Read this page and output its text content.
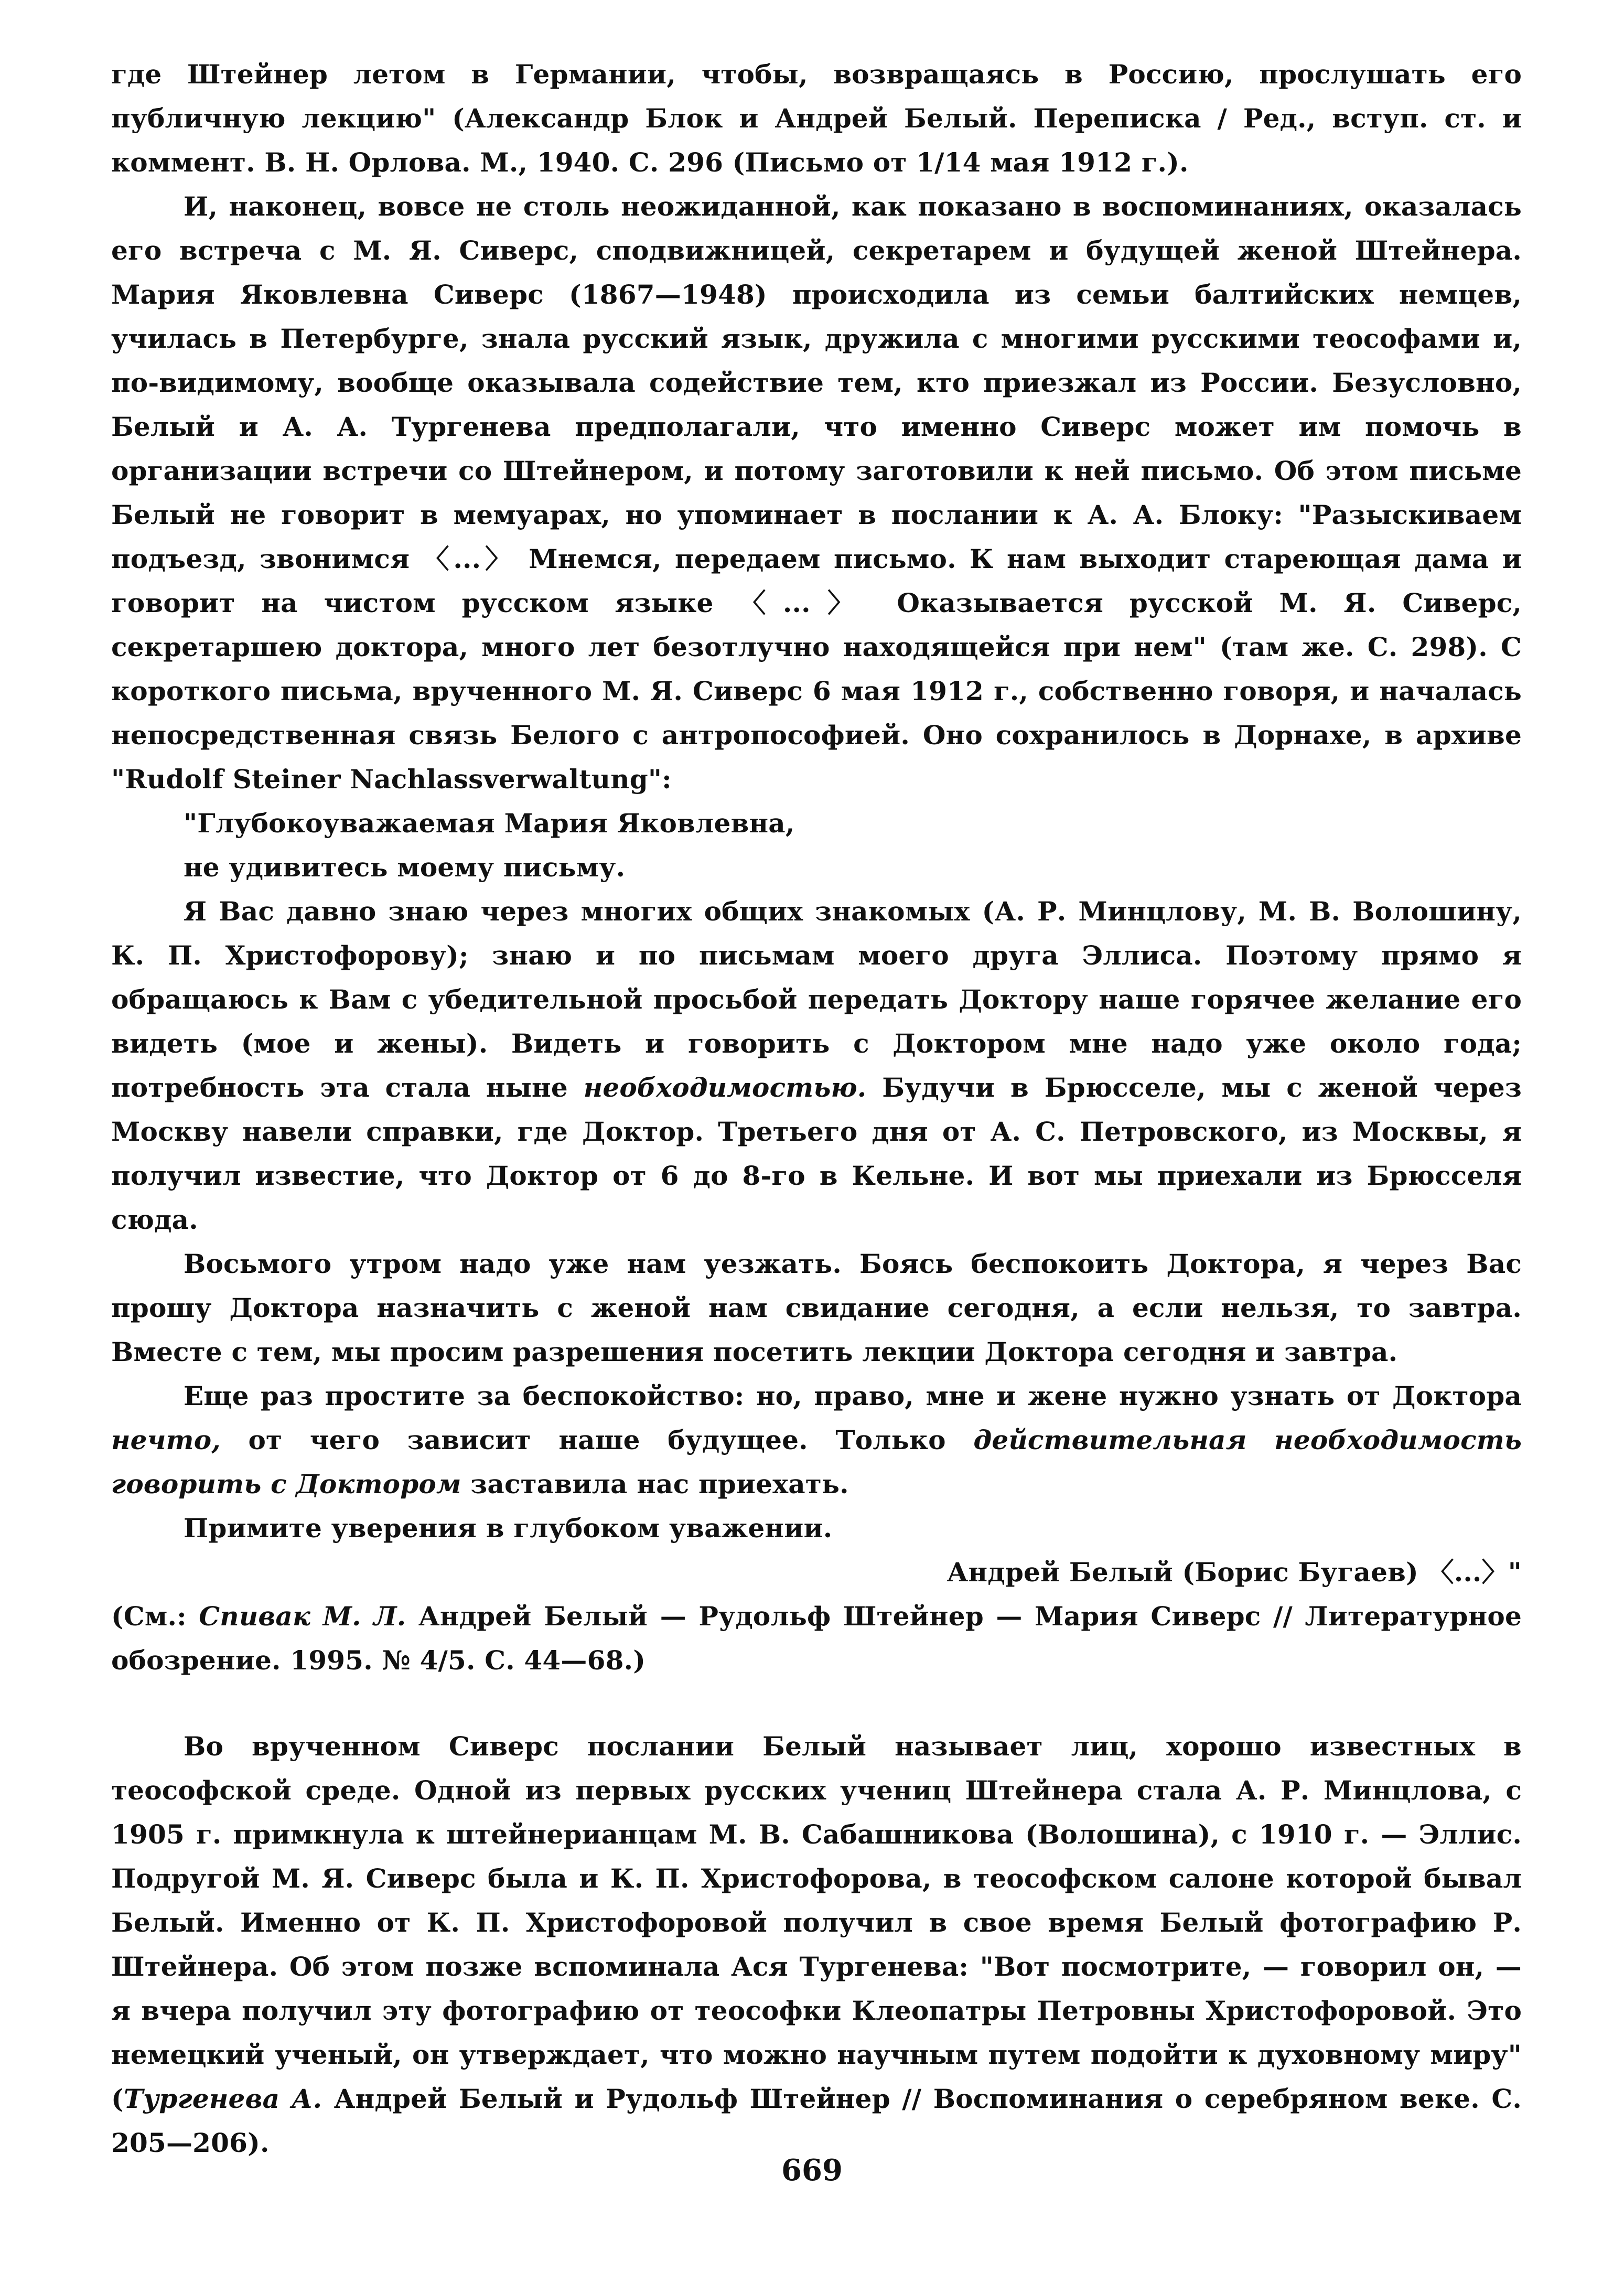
где Штейнер летом в Германии, чтобы, возвращаясь в Россию, прослушать его публичную лекцию" (Александр Блок и Андрей Белый. Переписка / Ред., вступ. ст. и коммент. В. Н. Орлова. М., 1940. С. 296 (Письмо от 1/14 мая 1912 г.).

И, наконец, вовсе не столь неожиданной, как показано в воспоминаниях, оказалась его встреча с М. Я. Сиверс, сподвижницей, секретарем и будущей женой Штейнера. Мария Яковлевна Сиверс (1867—1948) происходила из семьи балтийских немцев, училась в Петербурге, знала русский язык, дружила с многими русскими теософами и, по-видимому, вообще оказывала содействие тем, кто приезжал из России. Безусловно, Белый и А. А. Тургенева предполагали, что именно Сиверс может им помочь в организации встречи со Штейнером, и потому заготовили к ней письмо. Об этом письме Белый не говорит в мемуарах, но упоминает в послании к А. А. Блоку: "Разыскиваем подъезд, звонимся 〈...〉 Мнемся, передаем письмо. К нам выходит стареющая дама и говорит на чистом русском языке 〈...〉 Оказывается русской М. Я. Сиверс, секретаршею доктора, много лет безотлучно находящейся при нем" (там же. С. 298). С короткого письма, врученного М. Я. Сиверс 6 мая 1912 г., собственно говоря, и началась непосредственная связь Белого с антропософией. Оно сохранилось в Дорнахе, в архиве "Rudolf Steiner Nachlassverwaltung":

"Глубокоуважаемая Мария Яковлевна,

не удивитесь моему письму.

Я Вас давно знаю через многих общих знакомых (А. Р. Минцлову, М. В. Волошину, К. П. Христофорову); знаю и по письмам моего друга Эллиса. Поэтому прямо я обращаюсь к Вам с убедительной просьбой передать Доктору наше горячее желание его видеть (мое и жены). Видеть и говорить с Доктором мне надо уже около года; потребность эта стала ныне необходимостью. Будучи в Брюсселе, мы с женой через Москву навели справки, где Доктор. Третьего дня от А. С. Петровского, из Москвы, я получил известие, что Доктор от 6 до 8-го в Кельне. И вот мы приехали из Брюсселя сюда.

Восьмого утром надо уже нам уезжать. Боясь беспокоить Доктора, я через Вас прошу Доктора назначить с женой нам свидание сегодня, а если нельзя, то завтра. Вместе с тем, мы просим разрешения посетить лекции Доктора сегодня и завтра.

Еще раз простите за беспокойство: но, право, мне и жене нужно узнать от Доктора нечто, от чего зависит наше будущее. Только действительная необходимость говорить с Доктором заставила нас приехать.

Примите уверения в глубоком уважении.

Андрей Белый (Борис Бугаев) 〈...〉"

(См.: Спивак М. Л. Андрей Белый — Рудольф Штейнер — Мария Сиверс // Литературное обозрение. 1995. № 4/5. С. 44—68.)

Во врученном Сиверс послании Белый называет лиц, хорошо известных в теософской среде. Одной из первых русских учениц Штейнера стала А. Р. Минцлова, с 1905 г. примкнула к штейнерианцам М. В. Сабашникова (Волошина), с 1910 г. — Эллис. Подругой М. Я. Сиверс была и К. П. Христофорова, в теософском салоне которой бывал Белый. Именно от К. П. Христофоровой получил в свое время Белый фотографию Р. Штейнера. Об этом позже вспоминала Ася Тургенева: "Вот посмотрите, — говорил он, — я вчера получил эту фотографию от теософки Клеопатры Петровны Христофоровой. Это немецкий ученый, он утверждает, что можно научным путем подойти к духовному миру" (Тургенева А. Андрей Белый и Рудольф Штейнер // Воспоминания о серебряном веке. С. 205—206).

669
